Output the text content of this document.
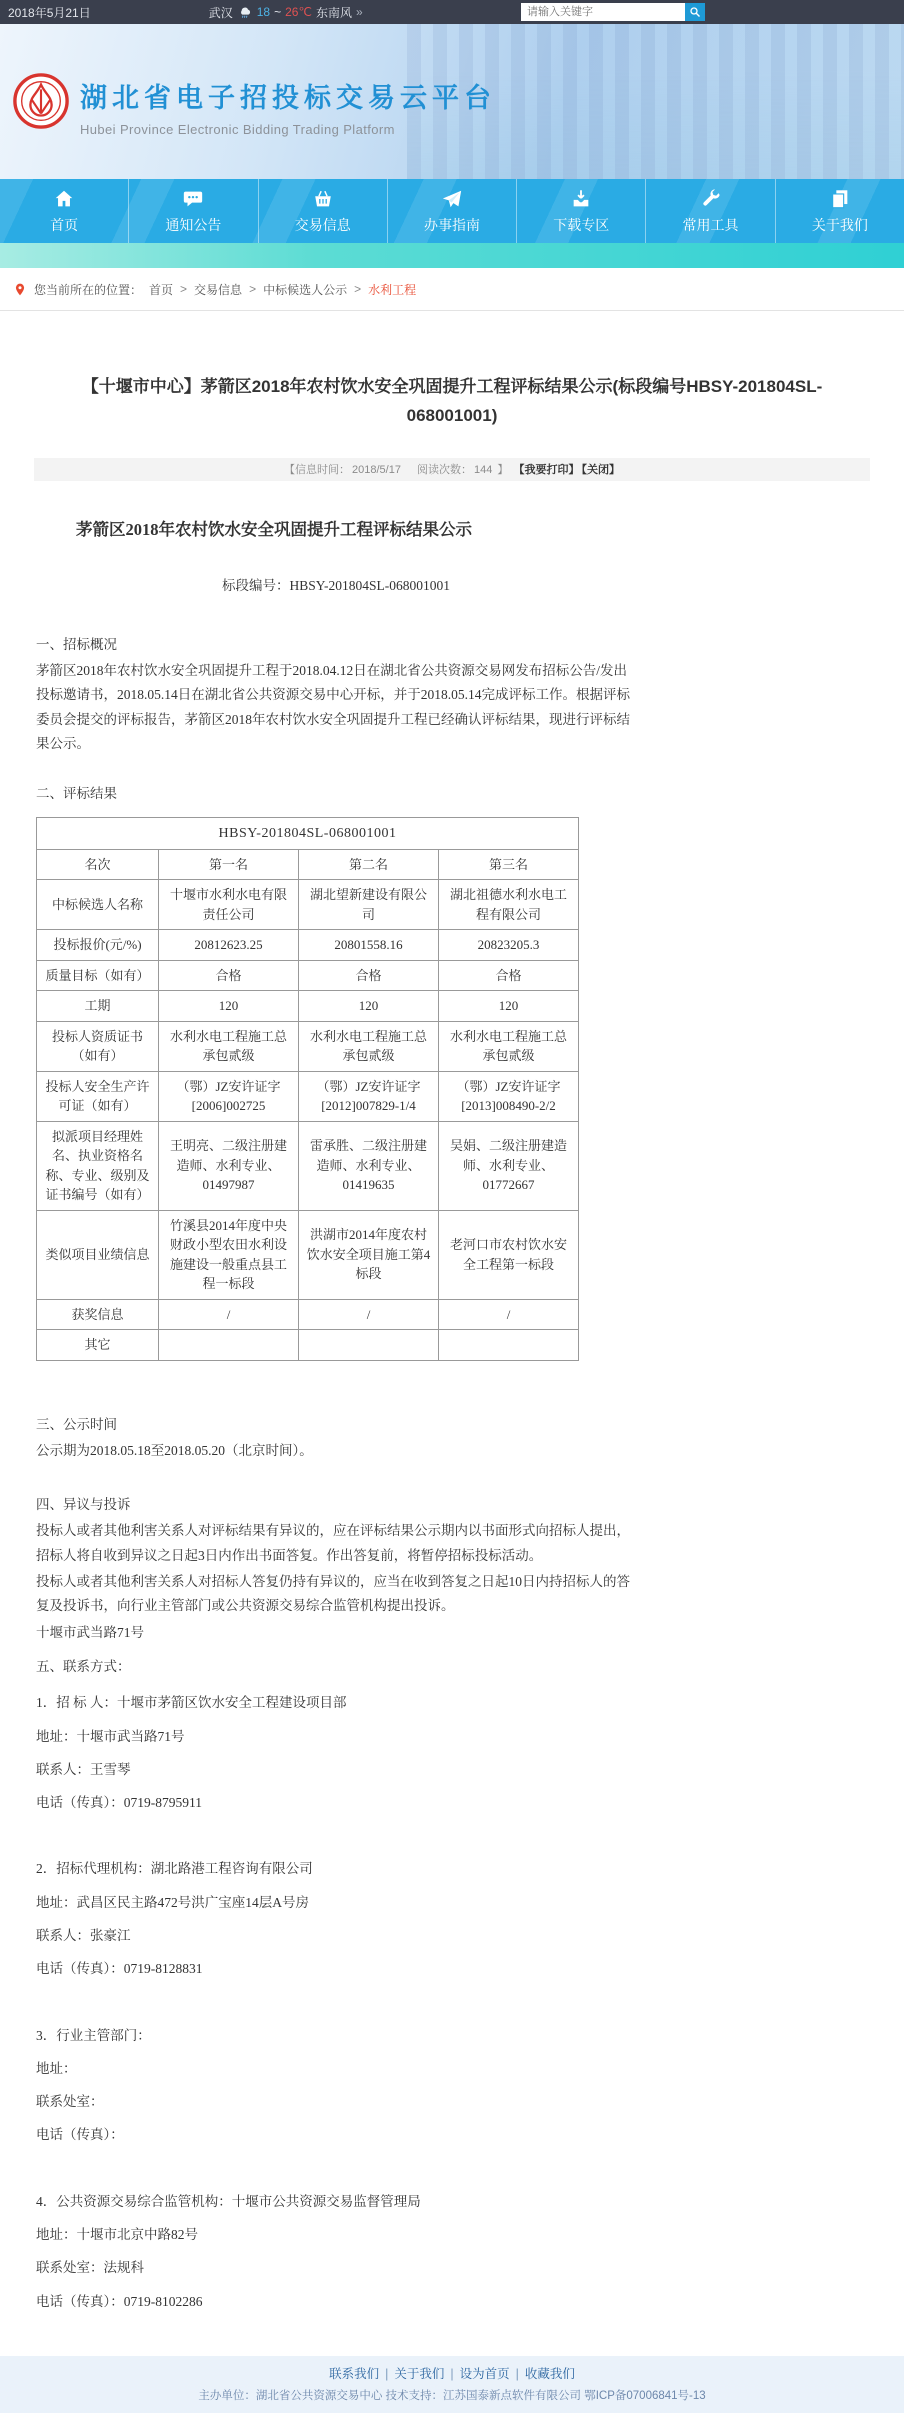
2018年5月21日	武汉 18 ~ 26℃ 东南风 »
请输入关键字
湖北省电子招投标交易云平台
Hubei Province Electronic Bidding Trading Platform
首页	通知公告	交易信息	办事指南	下载专区	常用工具	关于我们
您当前所在的位置： 首页 > 交易信息 > 中标候选人公示 > 水利工程
【十堰市中心】茅箭区2018年农村饮水安全巩固提升工程评标结果公示(标段编号HBSY-201804SL-068001001)
【信息时间： 2018/5/17 阅读次数： 144 】 【我要打印】 【关闭】
茅箭区2018年农村饮水安全巩固提升工程评标结果公示
标段编号：HBSY-201804SL-068001001
一、招标概况
茅箭区2018年农村饮水安全巩固提升工程于2018.04.12日在湖北省公共资源交易网发布招标公告/发出投标邀请书，2018.05.14日在湖北省公共资源交易中心开标，并于2018.05.14完成评标工作。根据评标委员会提交的评标报告，茅箭区2018年农村饮水安全巩固提升工程已经确认评标结果，现进行评标结果公示。
二、评标结果
HBSY-201804SL-068001001			
名次	第一名	第二名	第三名
中标候选人名称	十堰市水利水电有限责任公司	湖北望新建设有限公司	湖北祖德水利水电工程有限公司
投标报价(元/%)	20812623.25	20801558.16	20823205.3
质量目标（如有）	合格	合格	合格
工期	120	120	120
投标人资质证书（如有）	水利水电工程施工总承包贰级	水利水电工程施工总承包贰级	水利水电工程施工总承包贰级
投标人安全生产许可证（如有）	（鄂）JZ安许证字[2006]002725	（鄂）JZ安许证字[2012]007829-1/4	（鄂）JZ安许证字[2013]008490-2/2
拟派项目经理姓名、执业资格名称、专业、级别及证书编号（如有）	王明亮、二级注册建造师、水利专业、01497987	雷承胜、二级注册建造师、水利专业、01419635	吴娟、二级注册建造师、水利专业、01772667
类似项目业绩信息	竹溪县2014年度中央财政小型农田水利设施建设一般重点县工程一标段	洪湖市2014年度农村饮水安全项目施工第4标段	老河口市农村饮水安全工程第一标段
获奖信息	/	/	/
其它			
三、公示时间
公示期为2018.05.18至2018.05.20（北京时间）。
四、异议与投诉
投标人或者其他利害关系人对评标结果有异议的，应在评标结果公示期内以书面形式向招标人提出，招标人将自收到异议之日起3日内作出书面答复。作出答复前，将暂停招标投标活动。
投标人或者其他利害关系人对招标人答复仍持有异议的，应当在收到答复之日起10日内持招标人的答复及投诉书，向行业主管部门或公共资源交易综合监管机构提出投诉。
十堰市武当路71号
五、联系方式：
1．招 标 人：十堰市茅箭区饮水安全工程建设项目部
地址：十堰市武当路71号
联系人：王雪琴
电话（传真）：0719-8795911
2．招标代理机构：湖北路港工程咨询有限公司
地址：武昌区民主路472号洪广宝座14层A号房
联系人：张豪江
电话（传真）：0719-8128831
3．行业主管部门：
地址：
联系处室：
电话（传真）：
4．公共资源交易综合监管机构：十堰市公共资源交易监督管理局
地址：十堰市北京中路82号
联系处室：法规科
电话（传真）：0719-8102286
联系我们 | 关于我们 | 设为首页 | 收藏我们
主办单位：湖北省公共资源交易中心 技术支持：江苏国泰新点软件有限公司 鄂ICP备07006841号-13
